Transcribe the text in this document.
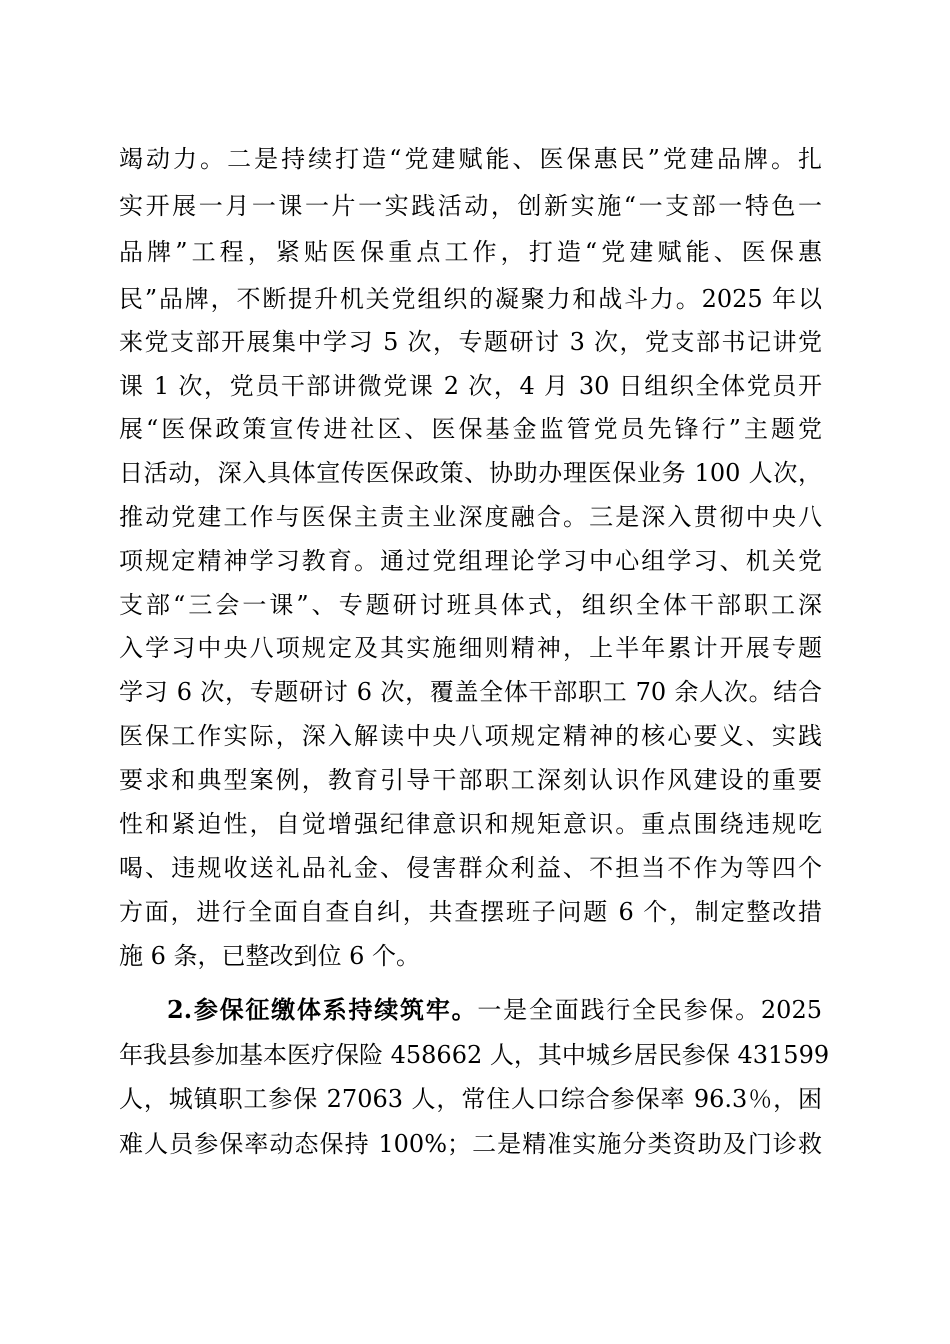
竭动力。二是持续打造“党建赋能、医保惠民”党建品牌。扎
实开展一月一课一片一实践活动，创新实施“一支部一特色一
品牌”工程，紧贴医保重点工作，打造“党建赋能、医保惠
民”品牌，不断提升机关党组织的凝聚力和战斗力。2025 年以
来党支部开展集中学习 5 次，专题研讨 3 次，党支部书记讲党
课 1 次，党员干部讲微党课 2 次，4 月 30 日组织全体党员开
展“医保政策宣传进社区、医保基金监管党员先锋行”主题党
日活动，深入具体宣传医保政策、协助办理医保业务 100 人次，
推动党建工作与医保主责主业深度融合。三是深入贯彻中央八
项规定精神学习教育。通过党组理论学习中心组学习、机关党
支部“三会一课”、专题研讨班具体式，组织全体干部职工深
入学习中央八项规定及其实施细则精神，上半年累计开展专题
学习 6 次，专题研讨 6 次，覆盖全体干部职工 70 余人次。结合
医保工作实际，深入解读中央八项规定精神的核心要义、实践
要求和典型案例，教育引导干部职工深刻认识作风建设的重要
性和紧迫性，自觉增强纪律意识和规矩意识。重点围绕违规吃
喝、违规收送礼品礼金、侵害群众利益、不担当不作为等四个
方面，进行全面自查自纠，共查摆班子问题 6 个，制定整改措
施 6 条，已整改到位 6 个。
2.参保征缴体系持续筑牢。一是全面践行全民参保。2025
年我县参加基本医疗保险 458662 人，其中城乡居民参保 431599
人，城镇职工参保 27063 人，常住人口综合参保率 96.3％，困
难人员参保率动态保持 100%；二是精准实施分类资助及门诊救
